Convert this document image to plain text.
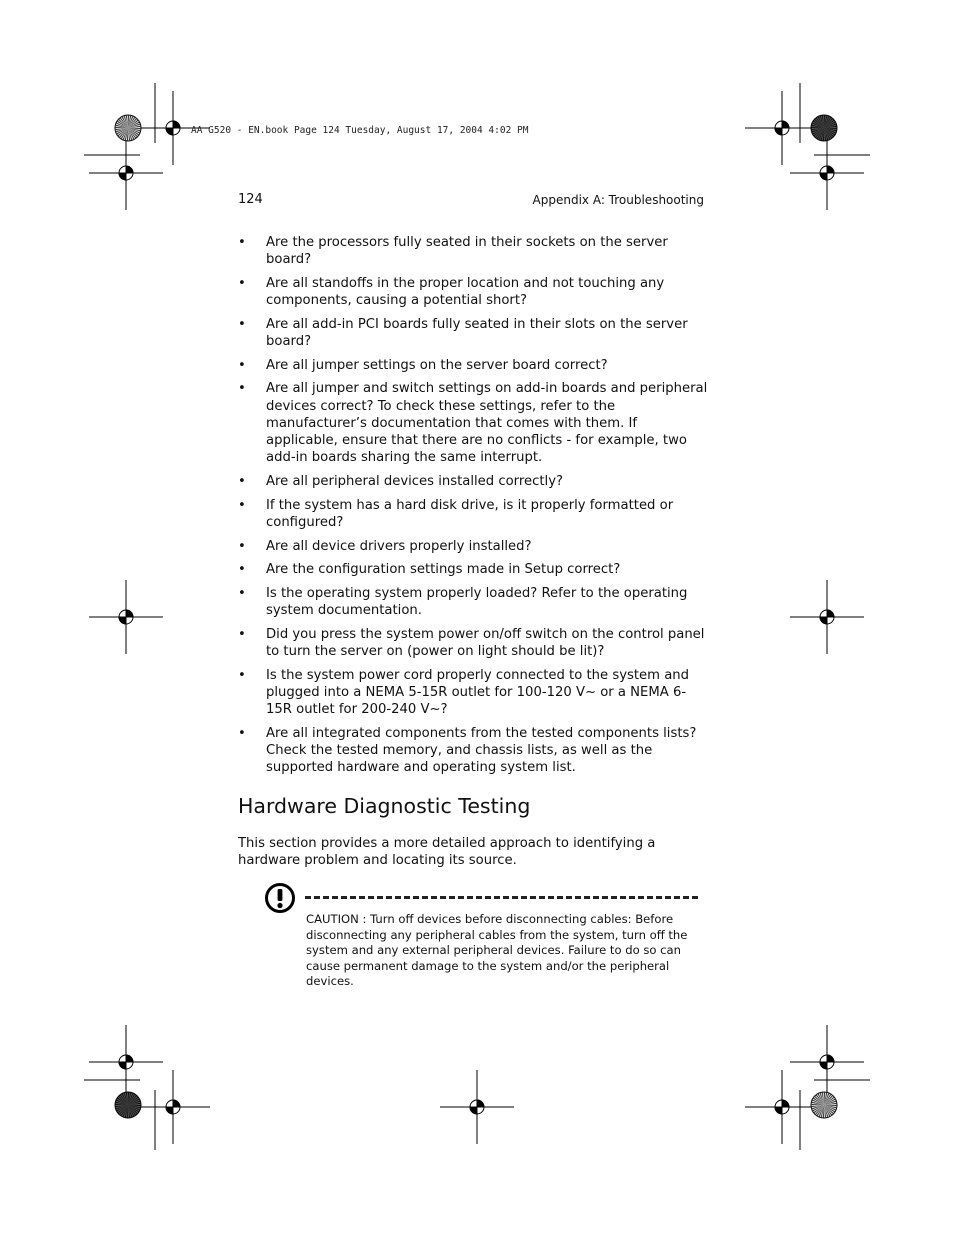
AA G520 - EN.book Page 124 Tuesday, August 17, 2004 4:02 PM
124	Appendix A: Troubleshooting
• Are the processors fully seated in their sockets on the server board?
• Are all standoffs in the proper location and not touching any components, causing a potential short?
• Are all add-in PCI boards fully seated in their slots on the server board?
• Are all jumper settings on the server board correct?
• Are all jumper and switch settings on add-in boards and peripheral devices correct? To check these settings, refer to the manufacturer’s documentation that comes with them. If applicable, ensure that there are no conflicts - for example, two add-in boards sharing the same interrupt.
• Are all peripheral devices installed correctly?
• If the system has a hard disk drive, is it properly formatted or configured?
• Are all device drivers properly installed?
• Are the configuration settings made in Setup correct?
• Is the operating system properly loaded? Refer to the operating system documentation.
• Did you press the system power on/off switch on the control panel to turn the server on (power on light should be lit)?
• Is the system power cord properly connected to the system and plugged into a NEMA 5-15R outlet for 100-120 V~ or a NEMA 6-15R outlet for 200-240 V~?
• Are all integrated components from the tested components lists? Check the tested memory, and chassis lists, as well as the supported hardware and operating system list.
Hardware Diagnostic Testing

This section provides a more detailed approach to identifying a hardware problem and locating its source.

CAUTION : Turn off devices before disconnecting cables: Before disconnecting any peripheral cables from the system, turn off the system and any external peripheral devices. Failure to do so can cause permanent damage to the system and/or the peripheral devices.
